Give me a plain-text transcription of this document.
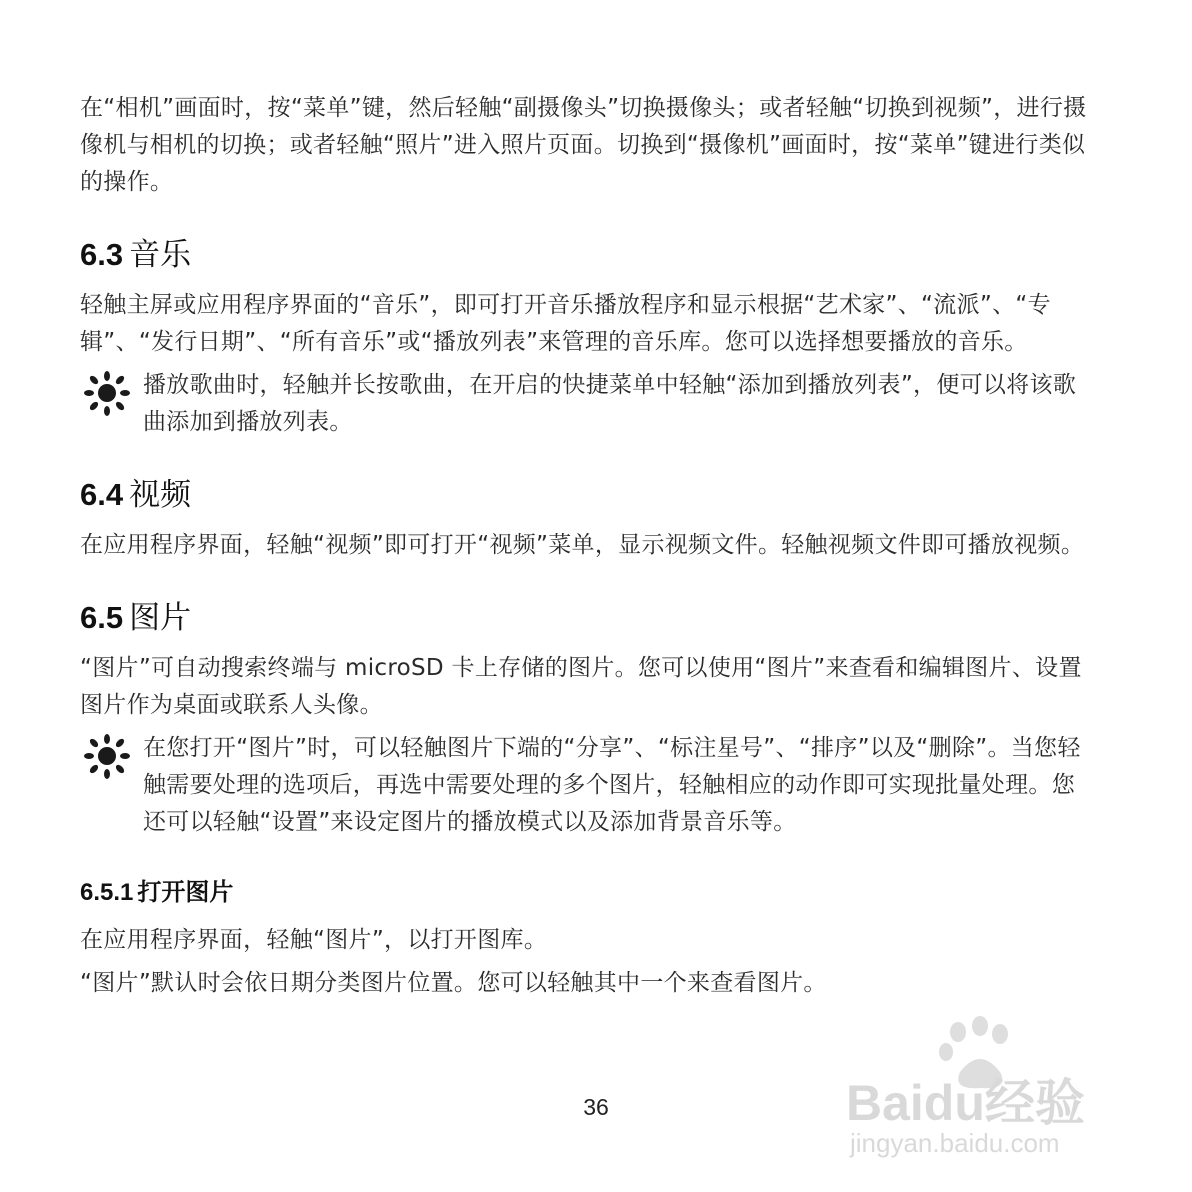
在“相机”画面时，按“菜单”键，然后轻触“副摄像头”切换摄像头；或者轻触“切换到视频”，进行摄像机与相机的切换；或者轻触“照片”进入照片页面。切换到“摄像机”画面时，按“菜单”键进行类似的操作。

6.3 音乐

轻触主屏或应用程序界面的“音乐”，即可打开音乐播放程序和显示根据“艺术家”、“流派”、“专辑”、“发行日期”、“所有音乐”或“播放列表”来管理的音乐库。您可以选择想要播放的音乐。

播放歌曲时，轻触并长按歌曲，在开启的快捷菜单中轻触“添加到播放列表”，便可以将该歌曲添加到播放列表。

6.4 视频

在应用程序界面，轻触“视频”即可打开“视频”菜单，显示视频文件。轻触视频文件即可播放视频。

6.5 图片

“图片”可自动搜索终端与 microSD 卡上存储的图片。您可以使用“图片”来查看和编辑图片、设置图片作为桌面或联系人头像。

在您打开“图片”时，可以轻触图片下端的“分享”、“标注星号”、“排序”以及“删除”。当您轻触需要处理的选项后，再选中需要处理的多个图片，轻触相应的动作即可实现批量处理。您还可以轻触“设置”来设定图片的播放模式以及添加背景音乐等。

6.5.1 打开图片

在应用程序界面，轻触“图片”，以打开图库。

“图片”默认时会依日期分类图片位置。您可以轻触其中一个来查看图片。

36	Baidu经验
jingyan.baidu.com
